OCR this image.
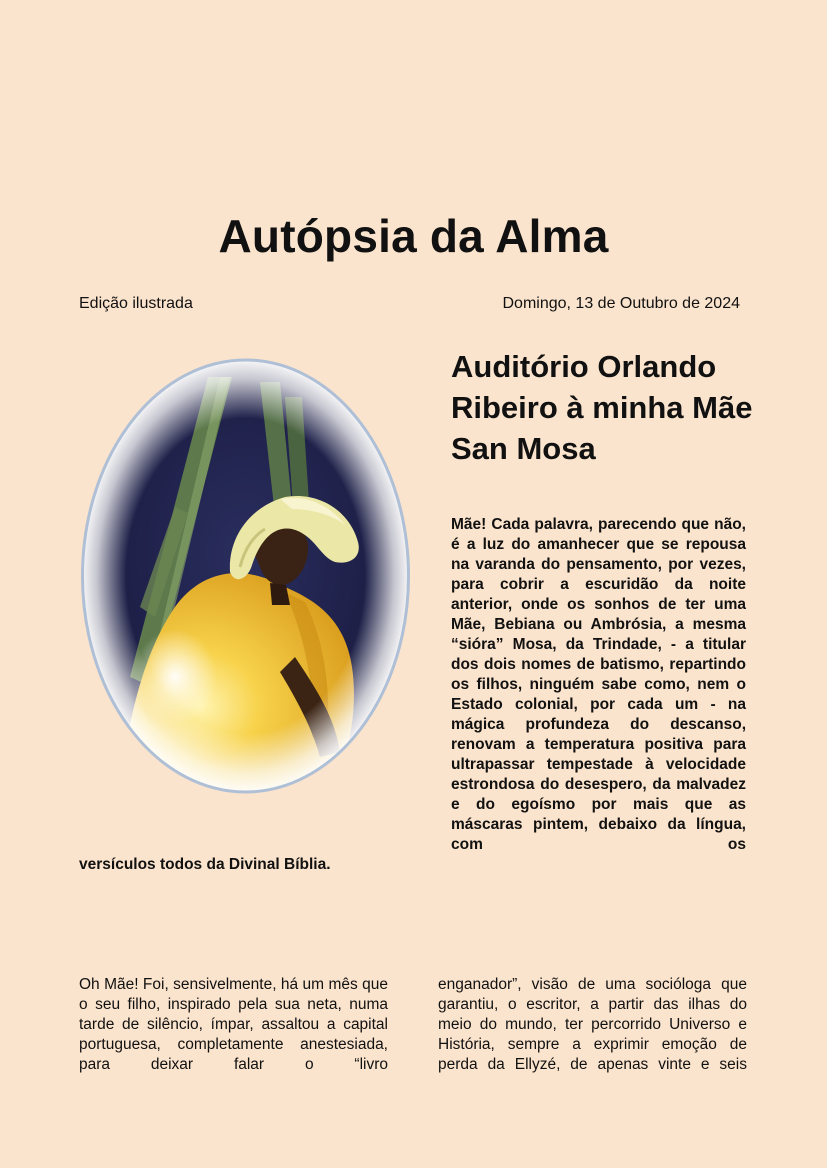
Autópsia da Alma
Edição ilustrada	Domingo, 13 de Outubro de 2024
Auditório Orlando Ribeiro à minha Mãe San Mosa

Mãe! Cada palavra, parecendo que não, é a luz do amanhecer que se repousa na varanda do pensamento, por vezes, para cobrir a escuridão da noite anterior, onde os sonhos de ter uma Mãe, Bebiana ou Ambrósia, a mesma “sióra” Mosa, da Trindade, - a titular dos dois nomes de batismo, repartindo os filhos, ninguém sabe como, nem o Estado colonial, por cada um - na mágica profundeza do descanso, renovam a temperatura positiva para ultrapassar tempestade à velocidade estrondosa do desespero, da malvadez e do egoísmo por mais que as máscaras pintem, debaixo da língua, com os

versículos todos da Divinal Bíblia.

Oh Mãe! Foi, sensivelmente, há um mês que o seu filho, inspirado pela sua neta, numa tarde de silêncio, ímpar, assaltou a capital portuguesa, completamente anestesiada, para deixar falar o “livro

enganador”, visão de uma socióloga que garantiu, o escritor, a partir das ilhas do meio do mundo, ter percorrido Universo e História, sempre a exprimir emoção de perda da Ellyzé, de apenas vinte e seis
